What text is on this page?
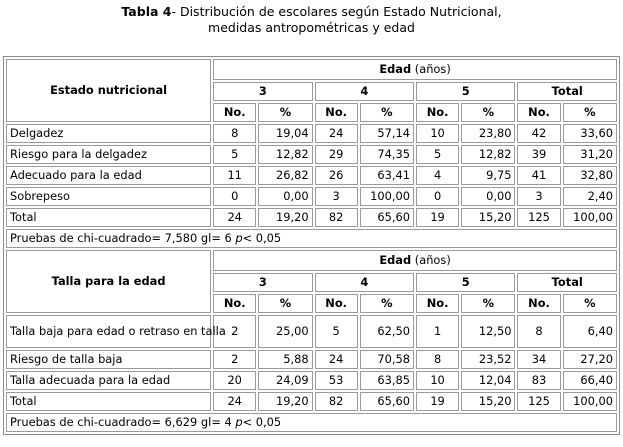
Tabla 4- Distribución de escolares según Estado Nutricional,
medidas antropométricas y edad
Estado nutricional	Edad (años)							
	3		4		5		Total	
	No.	%	No.	%	No.	%	No.	%
Delgadez	8	19,04	24	57,14	10	23,80	42	33,60
Riesgo para la delgadez	5	12,82	29	74,35	5	12,82	39	31,20
Adecuado para la edad	11	26,82	26	63,41	4	9,75	41	32,80
Sobrepeso	0	0,00	3	100,00	0	0,00	3	2,40
Total	24	19,20	82	65,60	19	15,20	125	100,00
Pruebas de chi-cuadrado= 7,580 gl= 6 p< 0,05								
Talla para la edad	Edad (años)							
	3		4		5		Total	
	No.	%	No.	%	No.	%	No.	%
Talla baja para edad o retraso en talla	2	25,00	5	62,50	1	12,50	8	6,40
Riesgo de talla baja	2	5,88	24	70,58	8	23,52	34	27,20
Talla adecuada para la edad	20	24,09	53	63,85	10	12,04	83	66,40
Total	24	19,20	82	65,60	19	15,20	125	100,00
Pruebas de chi-cuadrado= 6,629 gl= 4 p< 0,05								
